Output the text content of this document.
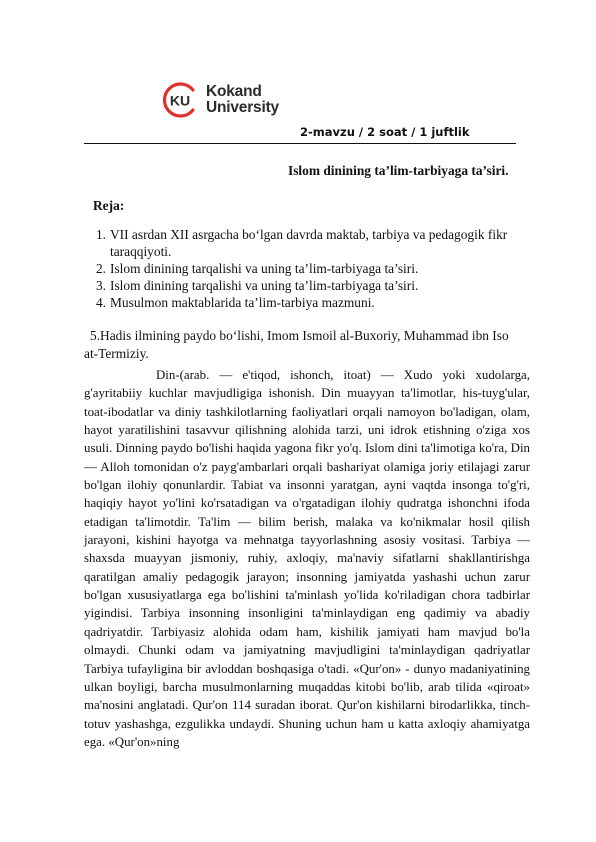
KU
Kokand
University
2-mavzu / 2 soat / 1 juftlik
Islom dinining ta’lim-tarbiyaga ta’siri.
Reja:
1. VII asrdan XII asrgacha bo‘lgan davrda maktab, tarbiya va pedagogik fikr taraqqiyoti.
2. Islom dinining tarqalishi va uning ta’lim-tarbiyaga ta’siri.
3. Islom dinining tarqalishi va uning ta’lim-tarbiyaga ta’siri.
4. Musulmon maktablarida ta’lim-tarbiya mazmuni.
5.Hadis ilmining paydo bo‘lishi, Imom Ismoil al-Buxoriy, Muhammad ibn Iso at-Termiziy.

Din-(arab. — e'tiqod, ishonch, itoat) — Xudo yoki xudolarga, g'ayritabiiy kuchlar mavjudligiga ishonish. Din muayyan ta'limotlar, his-tuyg'ular, toat-ibodatlar va diniy tashkilotlarning faoliyatlari orqali namoyon bo'ladigan, olam, hayot yaratilishini tasavvur qilishning alohida tarzi, uni idrok etishning o'ziga xos usuli. Dinning paydo bo'lishi haqida yagona fikr yo'q. Islom dini ta'limotiga ko'ra, Din — Alloh tomonidan o'z payg'ambarlari orqali bashariyat olamiga joriy etilajagi zarur bo'lgan ilohiy qonunlardir. Tabiat va insonni yaratgan, ayni vaqtda insonga to'g'ri, haqiqiy hayot yo'lini ko'rsatadigan va o'rgatadigan ilohiy qudratga ishonchni ifoda etadigan ta'limotdir. Ta'lim — bilim berish, malaka va ko'nikmalar hosil qilish jarayoni, kishini hayotga va mehnatga tayyorlashning asosiy vositasi. Tarbiya — shaxsda muayyan jismoniy, ruhiy, axloqiy, ma'naviy sifatlarni shakllantirishga qaratilgan amaliy pedagogik jarayon; insonning jamiyatda yashashi uchun zarur bo'lgan xususiyatlarga ega bo'lishini ta'minlash yo'lida ko'riladigan chora tadbirlar yigindisi. Tarbiya insonning insonligini ta'minlaydigan eng qadimiy va abadiy qadriyatdir. Tarbiyasiz alohida odam ham, kishilik jamiyati ham mavjud bo'la olmaydi. Chunki odam va jamiyatning mavjudligini ta'minlaydigan qadriyatlar Tarbiya tufayligina bir avloddan boshqasiga o'tadi. «Qur'on» - dunyo madaniyatining ulkan boyligi, barcha musulmonlarning muqaddas kitobi bo'lib, arab tilida «qiroat» ma'nosini anglatadi. Qur'on 114 suradan iborat. Qur'on kishilarni birodarlikka, tinch-totuv yashashga, ezgulikka undaydi. Shuning uchun ham u katta axloqiy ahamiyatga ega. «Qur'on»ning
